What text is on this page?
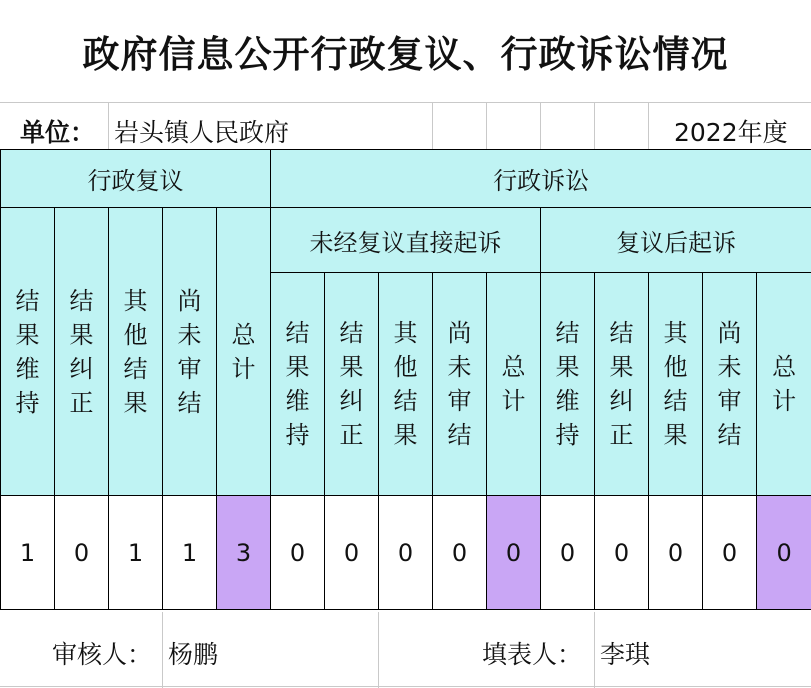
政府信息公开行政复议、行政诉讼情况
单位： 岩头镇人民政府	2022年度
行政复议					行政诉讼									
结果维持	结果纠正	其他结果	尚未审结	总计	未经复议直接起诉					复议后起诉				
					结果维持	结果纠正	其他结果	尚未审结	总计	结果维持	结果纠正	其他结果	尚未审结	总计
1	0	1	1	3	0	0	0	0	0	0	0	0	0	0
审核人： 杨鹏	填表人： 李琪
